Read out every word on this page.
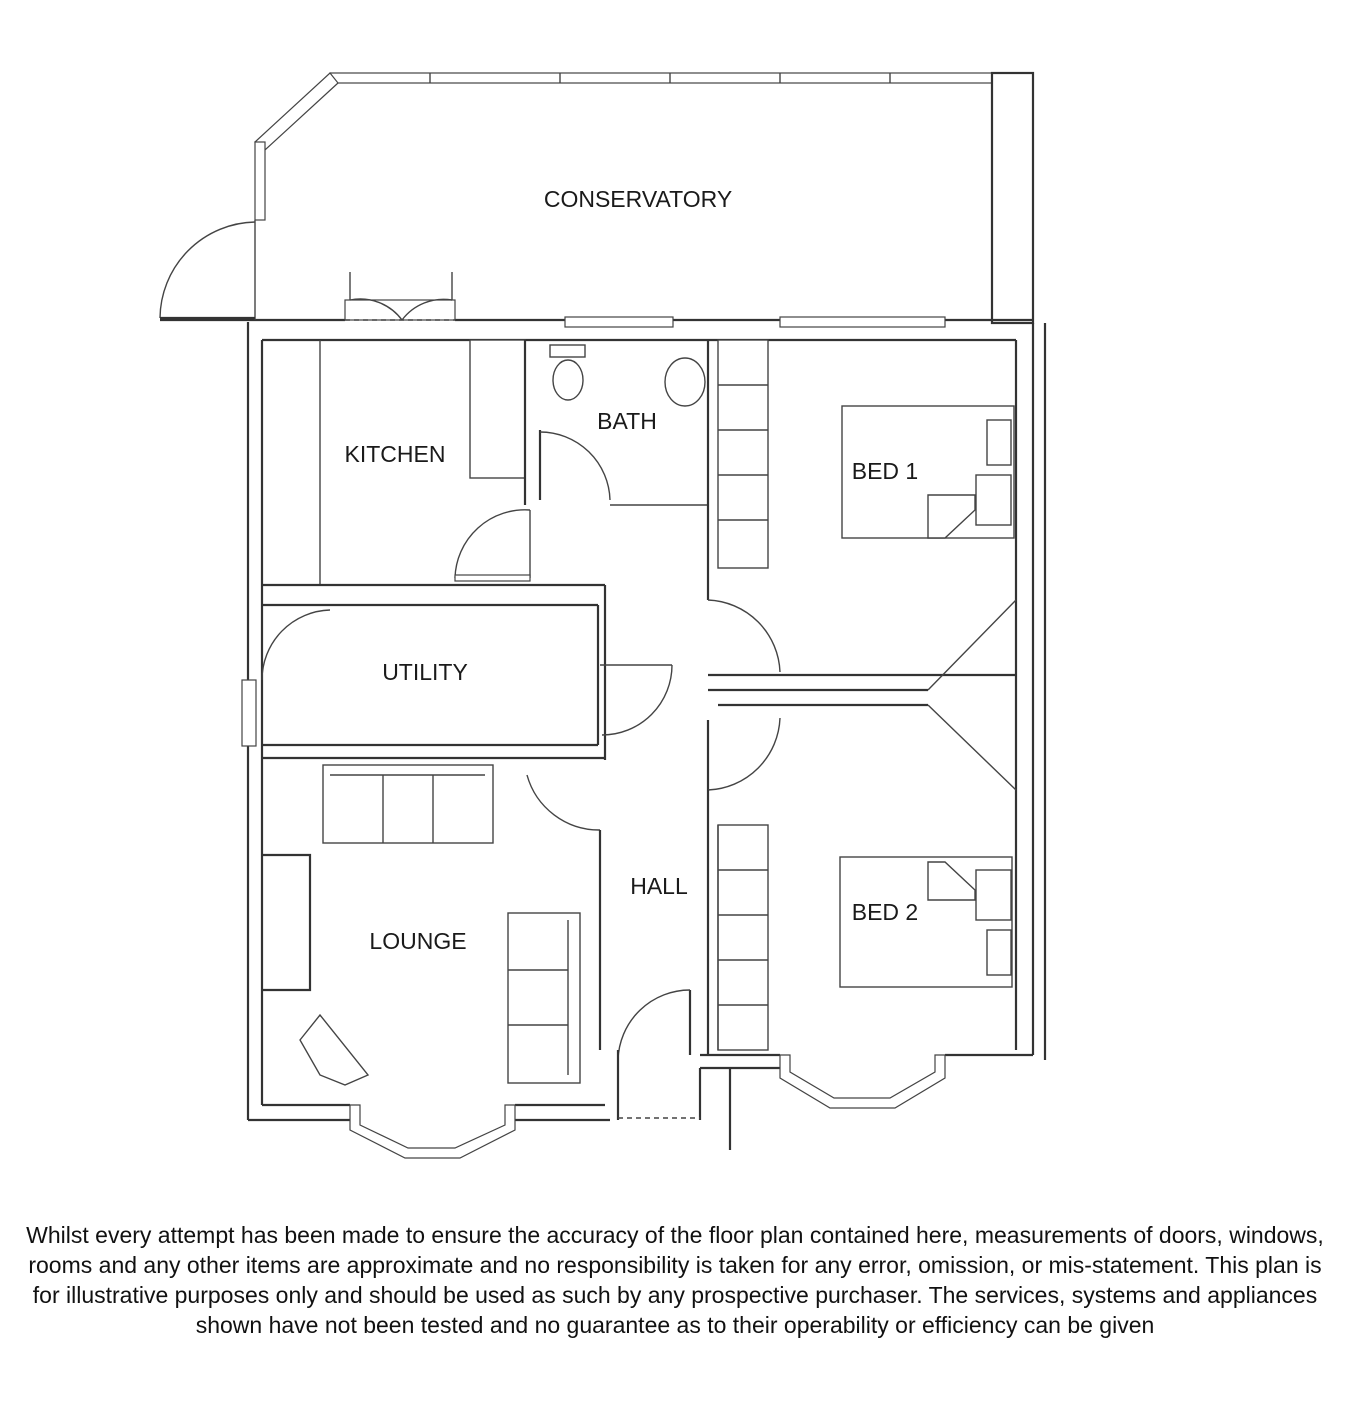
CONSERVATORY
KITCHEN
BATH
BED 1
UTILITY
HALL
LOUNGE
BED 2
Whilst every attempt has been made to ensure the accuracy of the floor plan contained here, measurements of doors, windows, rooms and any other items are approximate and no responsibility is taken for any error, omission, or mis-statement. This plan is for illustrative purposes only and should be used as such by any prospective purchaser. The services, systems and appliances shown have not been tested and no guarantee as to their operability or efficiency can be given
